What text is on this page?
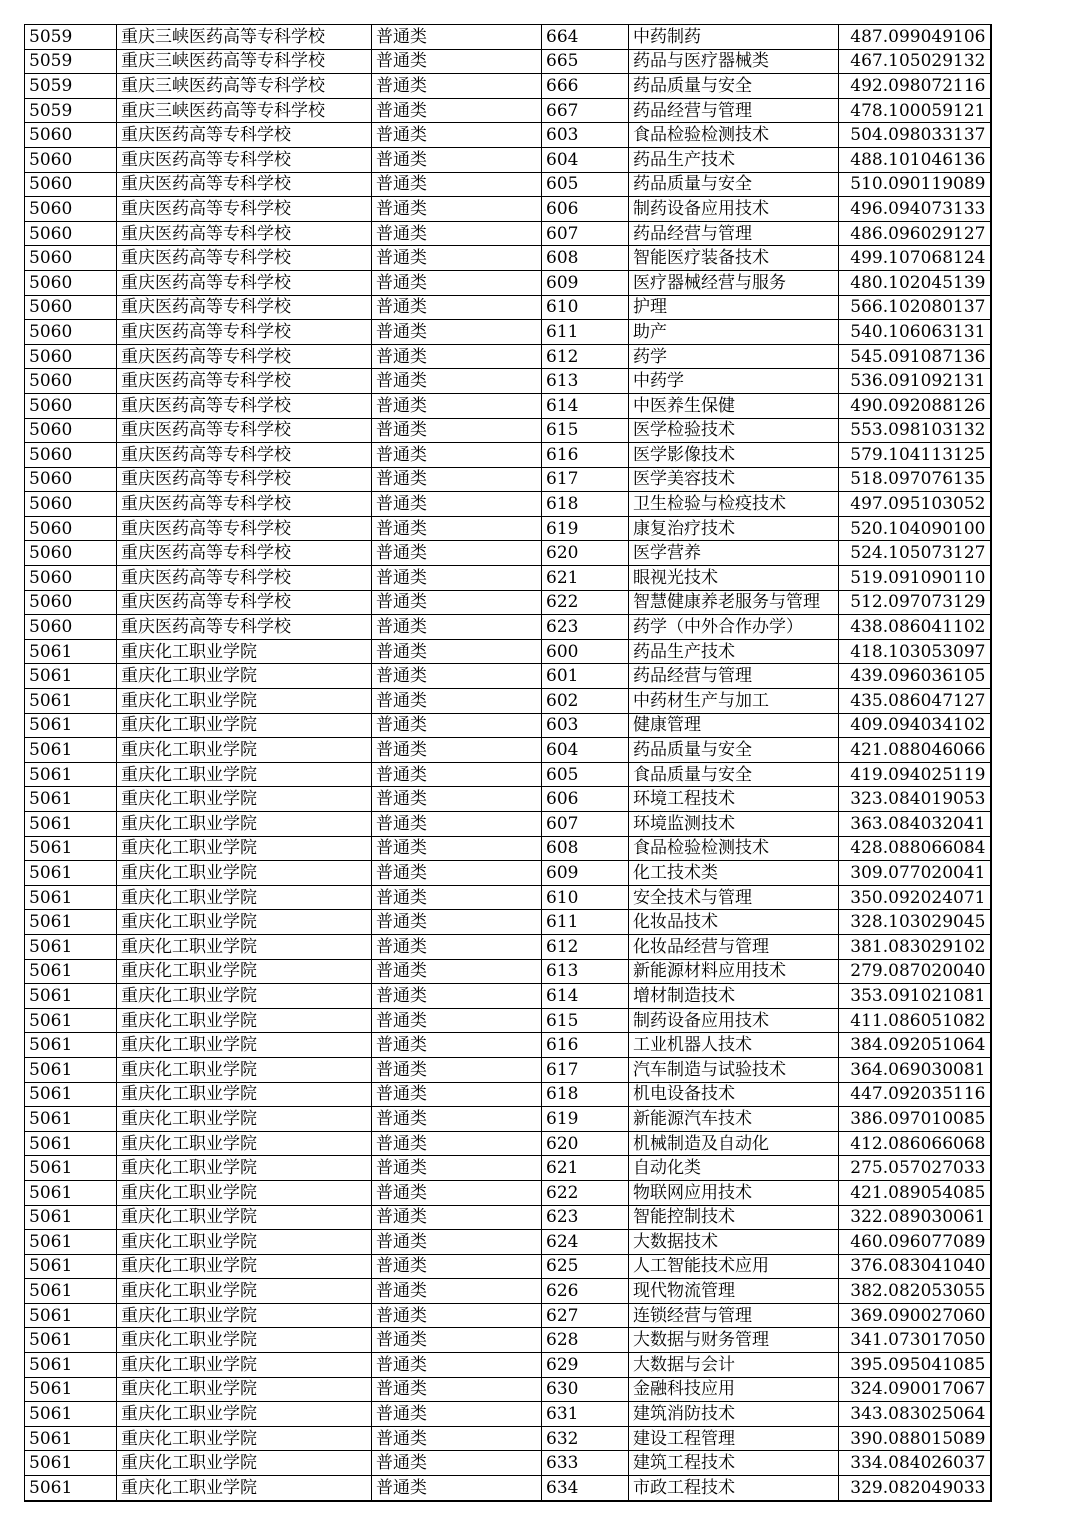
5059	重庆三峡医药高等专科学校	普通类	664	中药制药	487.099049106
5059	重庆三峡医药高等专科学校	普通类	665	药品与医疗器械类	467.105029132
5059	重庆三峡医药高等专科学校	普通类	666	药品质量与安全	492.098072116
5059	重庆三峡医药高等专科学校	普通类	667	药品经营与管理	478.100059121
5060	重庆医药高等专科学校	普通类	603	食品检验检测技术	504.098033137
5060	重庆医药高等专科学校	普通类	604	药品生产技术	488.101046136
5060	重庆医药高等专科学校	普通类	605	药品质量与安全	510.090119089
5060	重庆医药高等专科学校	普通类	606	制药设备应用技术	496.094073133
5060	重庆医药高等专科学校	普通类	607	药品经营与管理	486.096029127
5060	重庆医药高等专科学校	普通类	608	智能医疗装备技术	499.107068124
5060	重庆医药高等专科学校	普通类	609	医疗器械经营与服务	480.102045139
5060	重庆医药高等专科学校	普通类	610	护理	566.102080137
5060	重庆医药高等专科学校	普通类	611	助产	540.106063131
5060	重庆医药高等专科学校	普通类	612	药学	545.091087136
5060	重庆医药高等专科学校	普通类	613	中药学	536.091092131
5060	重庆医药高等专科学校	普通类	614	中医养生保健	490.092088126
5060	重庆医药高等专科学校	普通类	615	医学检验技术	553.098103132
5060	重庆医药高等专科学校	普通类	616	医学影像技术	579.104113125
5060	重庆医药高等专科学校	普通类	617	医学美容技术	518.097076135
5060	重庆医药高等专科学校	普通类	618	卫生检验与检疫技术	497.095103052
5060	重庆医药高等专科学校	普通类	619	康复治疗技术	520.104090100
5060	重庆医药高等专科学校	普通类	620	医学营养	524.105073127
5060	重庆医药高等专科学校	普通类	621	眼视光技术	519.091090110
5060	重庆医药高等专科学校	普通类	622	智慧健康养老服务与管理	512.097073129
5060	重庆医药高等专科学校	普通类	623	药学（中外合作办学）	438.086041102
5061	重庆化工职业学院	普通类	600	药品生产技术	418.103053097
5061	重庆化工职业学院	普通类	601	药品经营与管理	439.096036105
5061	重庆化工职业学院	普通类	602	中药材生产与加工	435.086047127
5061	重庆化工职业学院	普通类	603	健康管理	409.094034102
5061	重庆化工职业学院	普通类	604	药品质量与安全	421.088046066
5061	重庆化工职业学院	普通类	605	食品质量与安全	419.094025119
5061	重庆化工职业学院	普通类	606	环境工程技术	323.084019053
5061	重庆化工职业学院	普通类	607	环境监测技术	363.084032041
5061	重庆化工职业学院	普通类	608	食品检验检测技术	428.088066084
5061	重庆化工职业学院	普通类	609	化工技术类	309.077020041
5061	重庆化工职业学院	普通类	610	安全技术与管理	350.092024071
5061	重庆化工职业学院	普通类	611	化妆品技术	328.103029045
5061	重庆化工职业学院	普通类	612	化妆品经营与管理	381.083029102
5061	重庆化工职业学院	普通类	613	新能源材料应用技术	279.087020040
5061	重庆化工职业学院	普通类	614	增材制造技术	353.091021081
5061	重庆化工职业学院	普通类	615	制药设备应用技术	411.086051082
5061	重庆化工职业学院	普通类	616	工业机器人技术	384.092051064
5061	重庆化工职业学院	普通类	617	汽车制造与试验技术	364.069030081
5061	重庆化工职业学院	普通类	618	机电设备技术	447.092035116
5061	重庆化工职业学院	普通类	619	新能源汽车技术	386.097010085
5061	重庆化工职业学院	普通类	620	机械制造及自动化	412.086066068
5061	重庆化工职业学院	普通类	621	自动化类	275.057027033
5061	重庆化工职业学院	普通类	622	物联网应用技术	421.089054085
5061	重庆化工职业学院	普通类	623	智能控制技术	322.089030061
5061	重庆化工职业学院	普通类	624	大数据技术	460.096077089
5061	重庆化工职业学院	普通类	625	人工智能技术应用	376.083041040
5061	重庆化工职业学院	普通类	626	现代物流管理	382.082053055
5061	重庆化工职业学院	普通类	627	连锁经营与管理	369.090027060
5061	重庆化工职业学院	普通类	628	大数据与财务管理	341.073017050
5061	重庆化工职业学院	普通类	629	大数据与会计	395.095041085
5061	重庆化工职业学院	普通类	630	金融科技应用	324.090017067
5061	重庆化工职业学院	普通类	631	建筑消防技术	343.083025064
5061	重庆化工职业学院	普通类	632	建设工程管理	390.088015089
5061	重庆化工职业学院	普通类	633	建筑工程技术	334.084026037
5061	重庆化工职业学院	普通类	634	市政工程技术	329.082049033
